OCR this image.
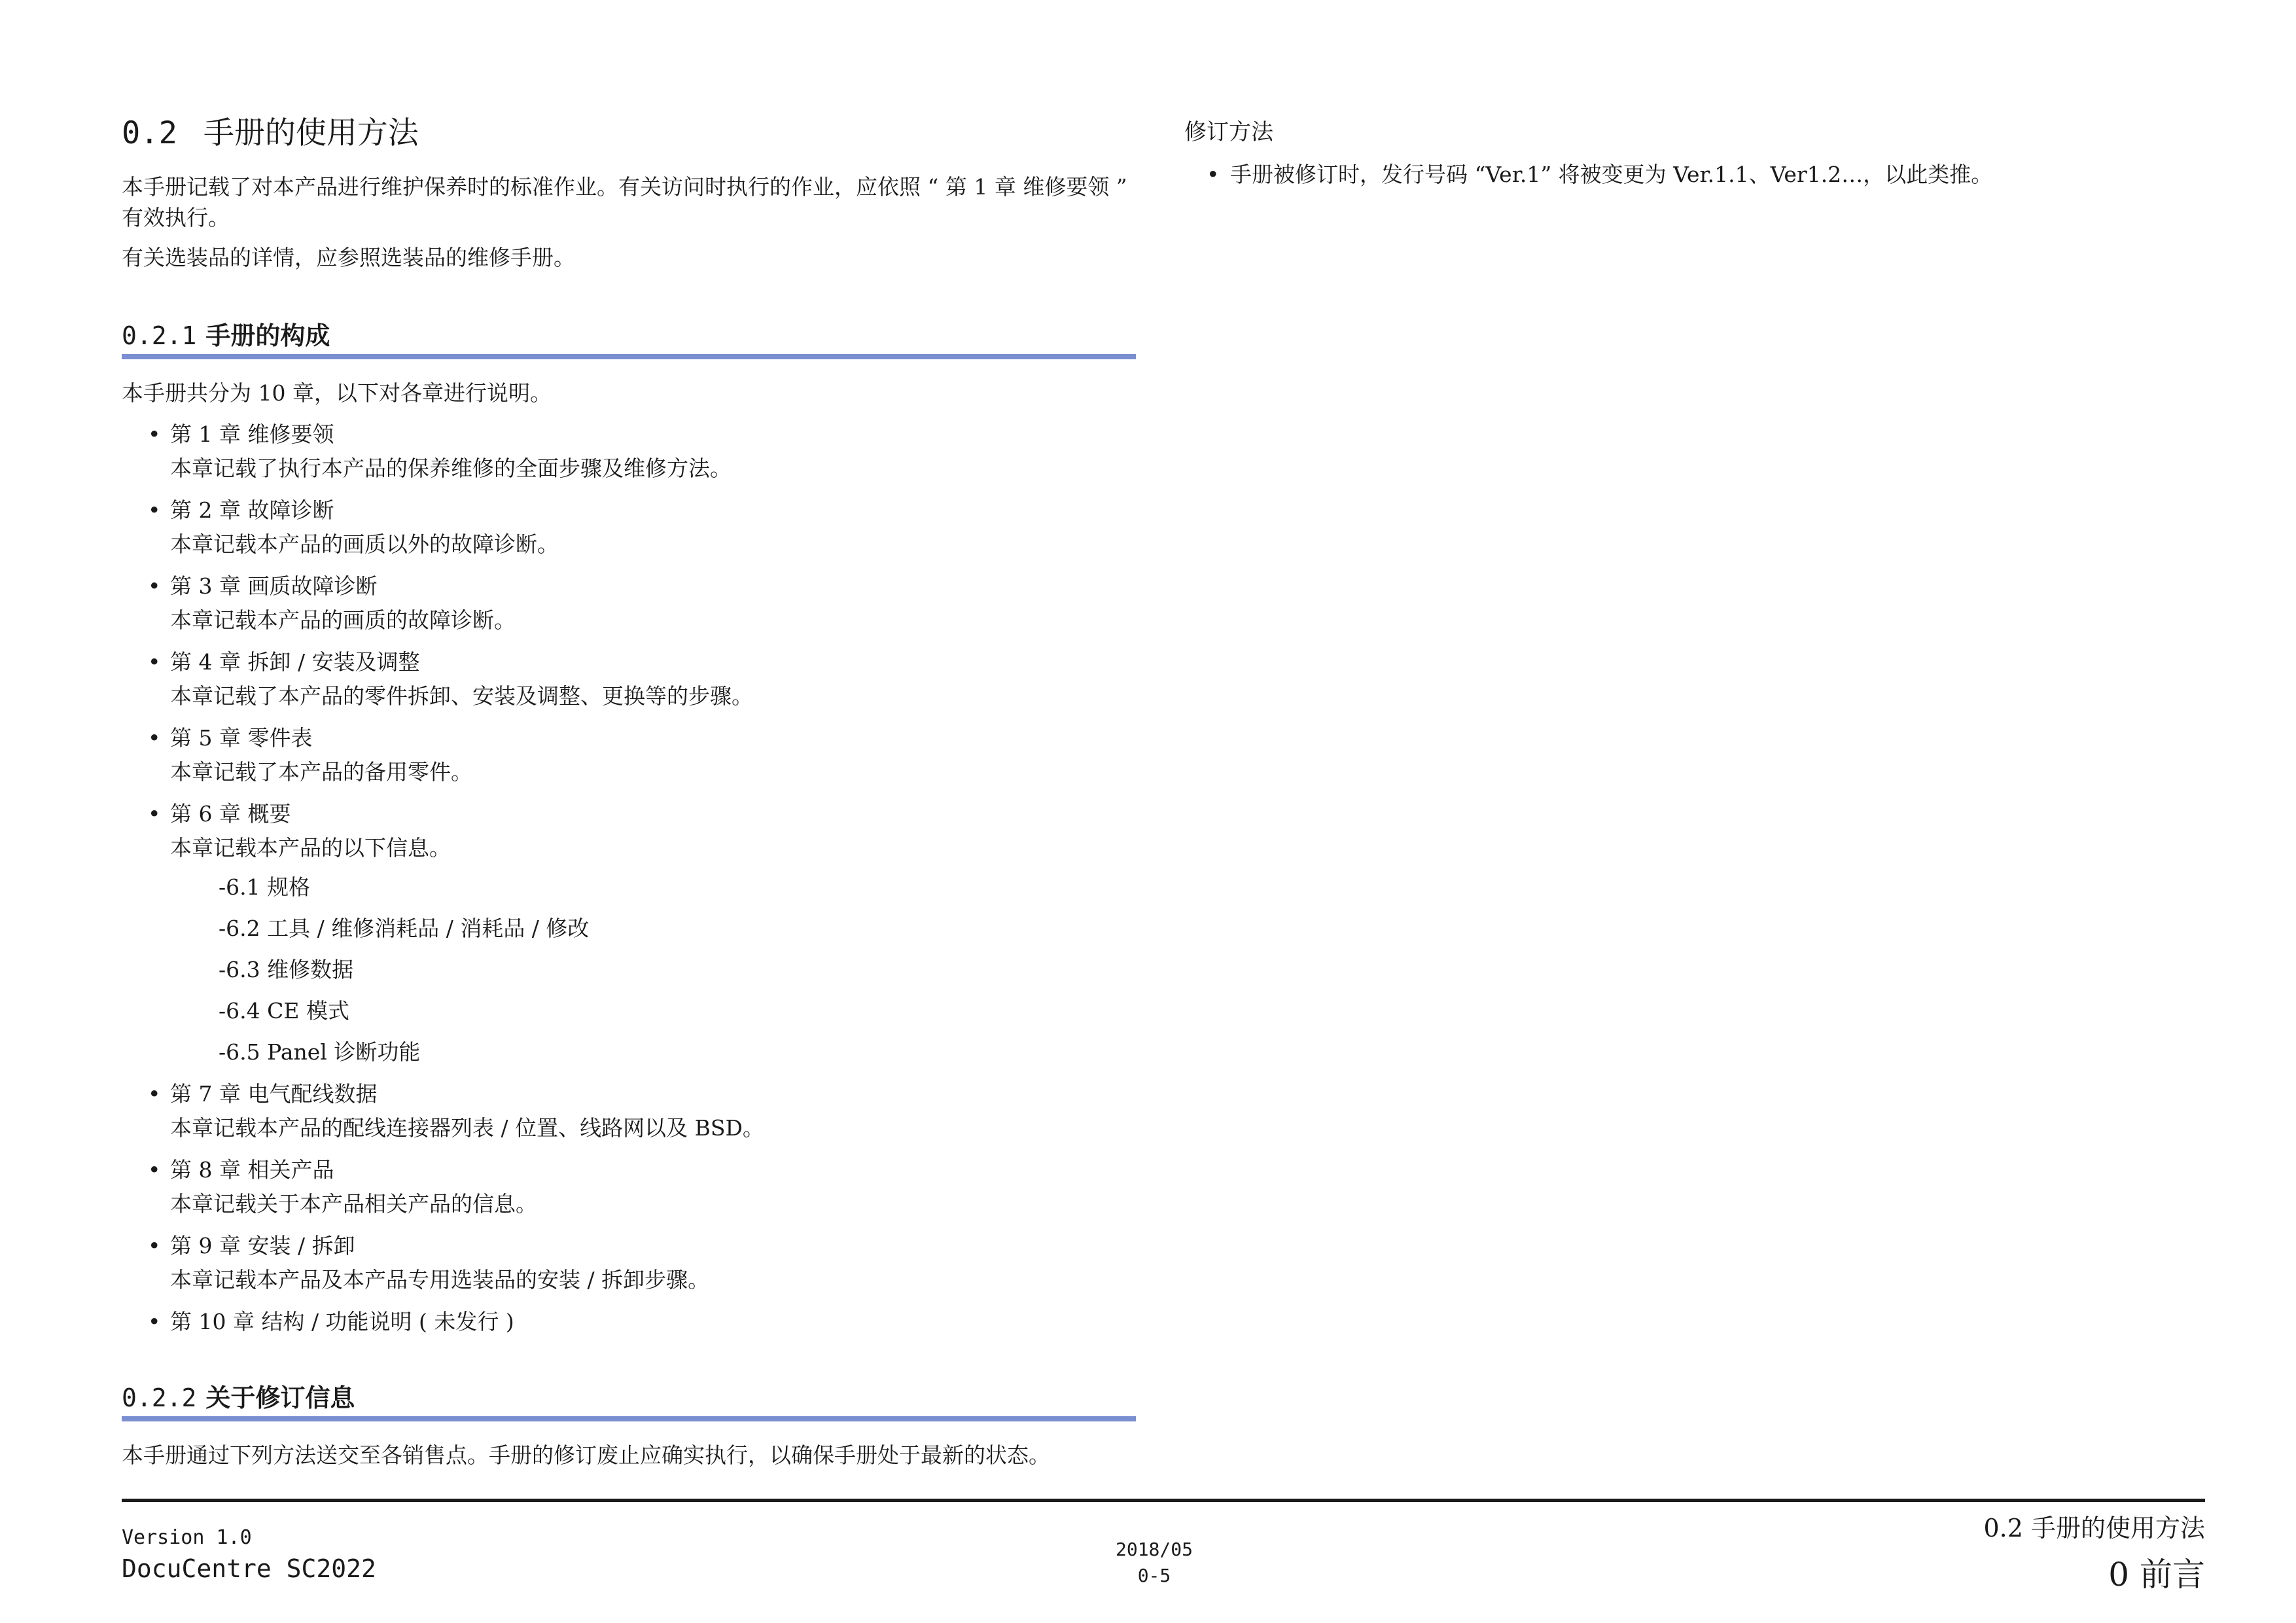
0.2 手册的使用方法

本手册记载了对本产品进行维护保养时的标准作业。有关访问时执行的作业，应依照 “ 第 1 章 维修要领 ” 有效执行。

有关选装品的详情，应参照选装品的维修手册。

0.2.1 手册的构成

本手册共分为 10 章，以下对各章进行说明。

• 第 1 章 维修要领
本章记载了执行本产品的保养维修的全面步骤及维修方法。
• 第 2 章 故障诊断
本章记载本产品的画质以外的故障诊断。
• 第 3 章 画质故障诊断
本章记载本产品的画质的故障诊断。
• 第 4 章 拆卸 / 安装及调整
本章记载了本产品的零件拆卸、安装及调整、更换等的步骤。
• 第 5 章 零件表
本章记载了本产品的备用零件。
• 第 6 章 概要
本章记载本产品的以下信息。
-6.1 规格
-6.2 工具 / 维修消耗品 / 消耗品 / 修改
-6.3 维修数据
-6.4 CE 模式
-6.5 Panel 诊断功能
• 第 7 章 电气配线数据
本章记载本产品的配线连接器列表 / 位置、线路网以及 BSD。
• 第 8 章 相关产品
本章记载关于本产品相关产品的信息。
• 第 9 章 安装 / 拆卸
本章记载本产品及本产品专用选装品的安装 / 拆卸步骤。
• 第 10 章 结构 / 功能说明 ( 未发行 )
0.2.2 关于修订信息

本手册通过下列方法送交至各销售点。手册的修订废止应确实执行，以确保手册处于最新的状态。

修订方法

• 手册被修订时，发行号码 “Ver.1” 将被变更为 Ver.1.1、Ver1.2…，以此类推。
Version 1.0
DocuCentre SC2022
2018/05
0-5
0.2 手册的使用方法
0 前言
